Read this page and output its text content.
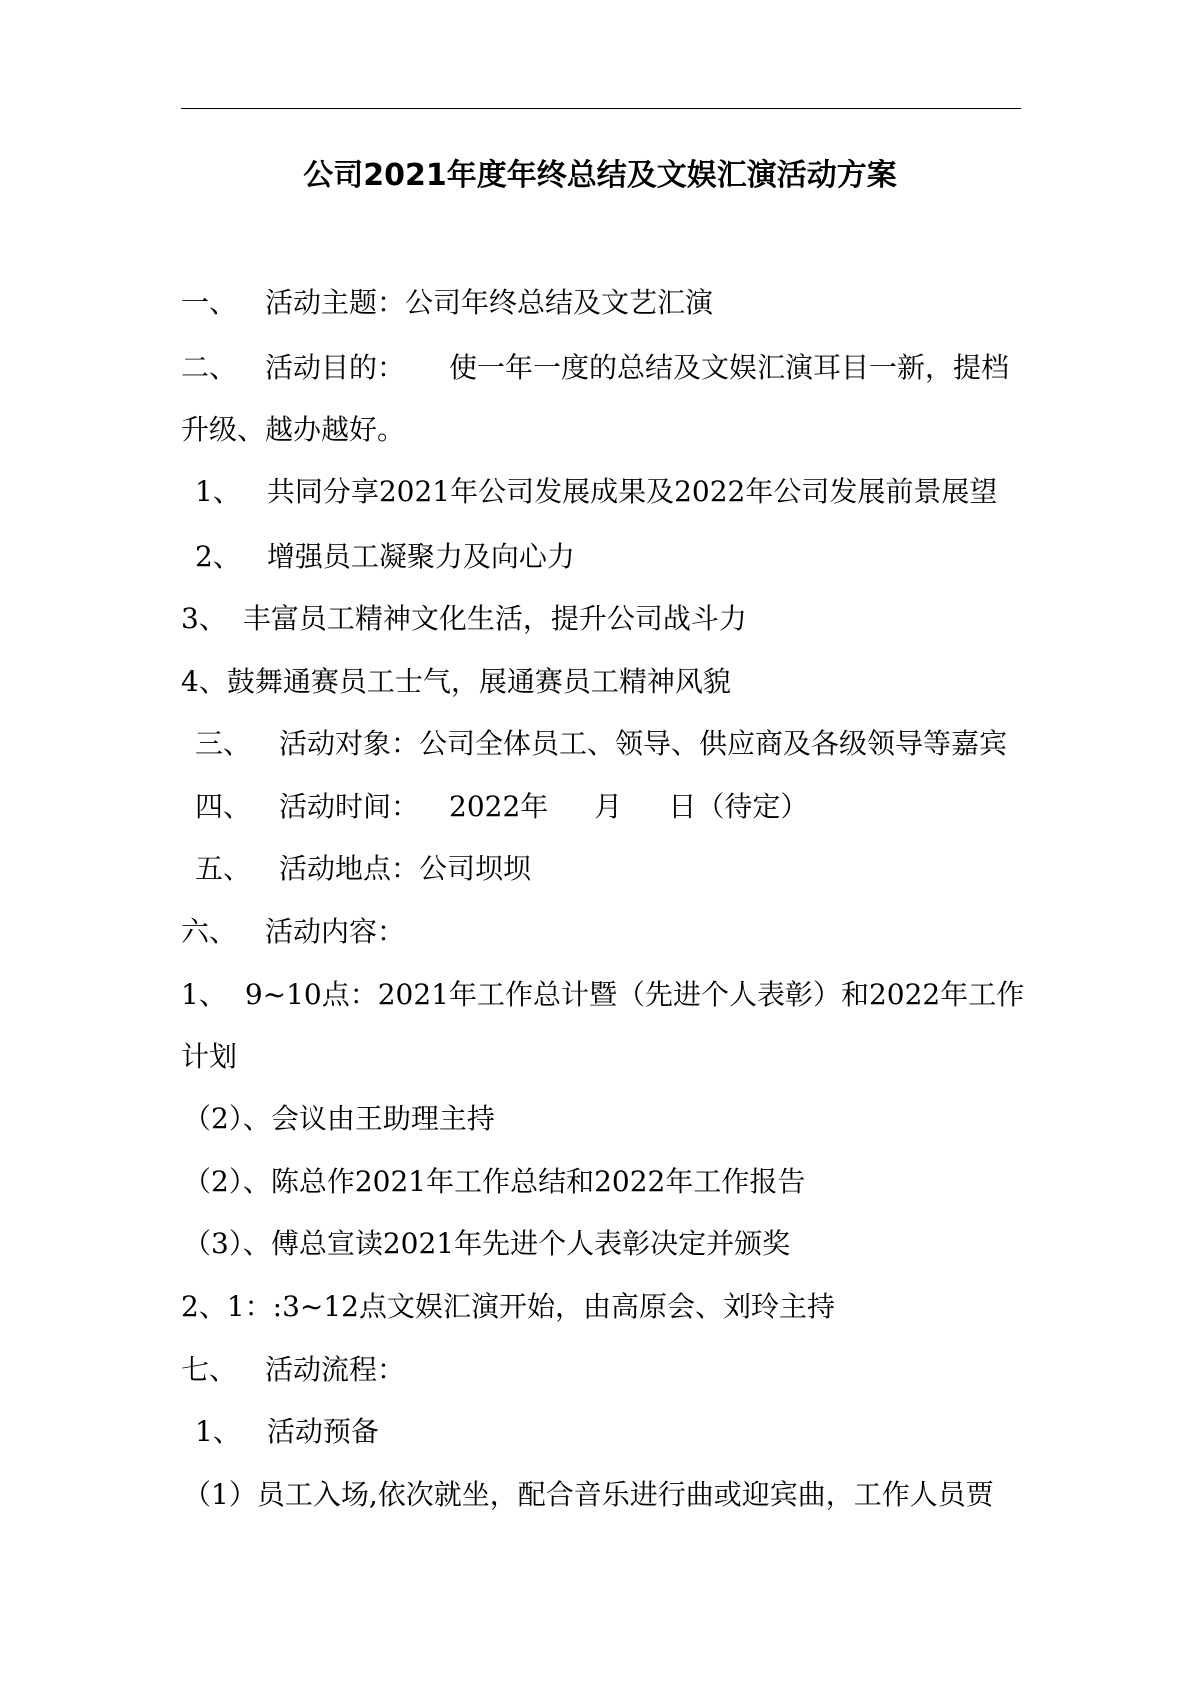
公司2021年度年终总结及文娱汇演活动方案
一、 活动主题：公司年终总结及文艺汇演
二、 活动目的： 使一年一度的总结及文娱汇演耳目一新，提档
升级、越办越好。
1、 共同分享2021年公司发展成果及2022年公司发展前景展望
2、 增强员工凝聚力及向心力
3、 丰富员工精神文化生活，提升公司战斗力
4、鼓舞通赛员工士气，展通赛员工精神风貌
三、 活动对象：公司全体员工、领导、供应商及各级领导等嘉宾
四、 活动时间： 2022年 月 日（待定）
五、 活动地点：公司坝坝
六、 活动内容：
1、 9~10点：2021年工作总计暨（先进个人表彰）和2022年工作
计划
（2）、会议由王助理主持
（2）、陈总作2021年工作总结和2022年工作报告
（3）、傅总宣读2021年先进个人表彰决定并颁奖
2、1：:3~12点文娱汇演开始，由高原会、刘玲主持
七、 活动流程：
1、 活动预备
（1）员工入场,依次就坐，配合音乐进行曲或迎宾曲，工作人员贾
